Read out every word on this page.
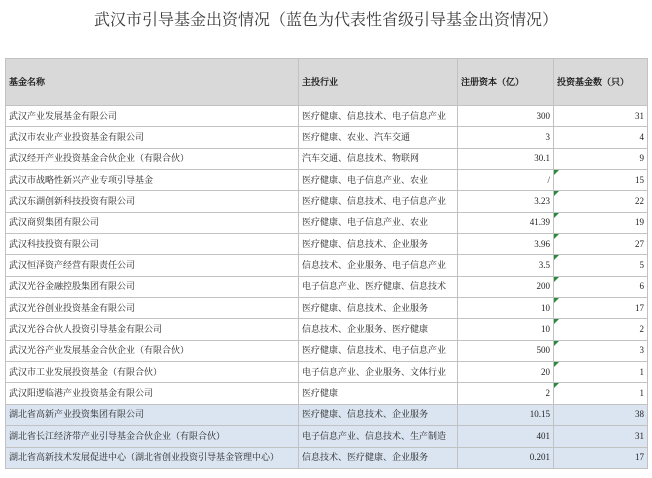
武汉市引导基金出资情况（蓝色为代表性省级引导基金出资情况）
基金名称	主投行业	注册资本（亿）	投资基金数（只）
武汉产业发展基金有限公司	医疗健康、信息技术、电子信息产业	300	31
武汉市农业产业投资基金有限公司	医疗健康、农业、汽车交通	3	4
武汉经开产业投资基金合伙企业（有限合伙）	汽车交通、信息技术、物联网	30.1	9
武汉市战略性新兴产业专项引导基金	医疗健康、电子信息产业、农业	/	15
武汉东湖创新科技投资有限公司	医疗健康、信息技术、电子信息产业	3.23	22
武汉商贸集团有限公司	医疗健康、电子信息产业、农业	41.39	19
武汉科技投资有限公司	医疗健康、信息技术、企业服务	3.96	27
武汉恒泽资产经营有限责任公司	信息技术、企业服务、电子信息产业	3.5	5
武汉光谷金融控股集团有限公司	电子信息产业、医疗健康、信息技术	200	6
武汉光谷创业投资基金有限公司	医疗健康、信息技术、企业服务	10	17
武汉光谷合伙人投资引导基金有限公司	信息技术、企业服务、医疗健康	10	2
武汉光谷产业发展基金合伙企业（有限合伙）	医疗健康、信息技术、电子信息产业	500	3
武汉市工业发展投资基金（有限合伙）	电子信息产业、企业服务、文体行业	20	1
武汉阳逻临港产业投资基金有限公司	医疗健康	2	1
湖北省高新产业投资集团有限公司	医疗健康、信息技术、企业服务	10.15	38
湖北省长江经济带产业引导基金合伙企业（有限合伙）	电子信息产业、信息技术、生产制造	401	31
湖北省高新技术发展促进中心（湖北省创业投资引导基金管理中心）	信息技术、医疗健康、企业服务	0.201	17
